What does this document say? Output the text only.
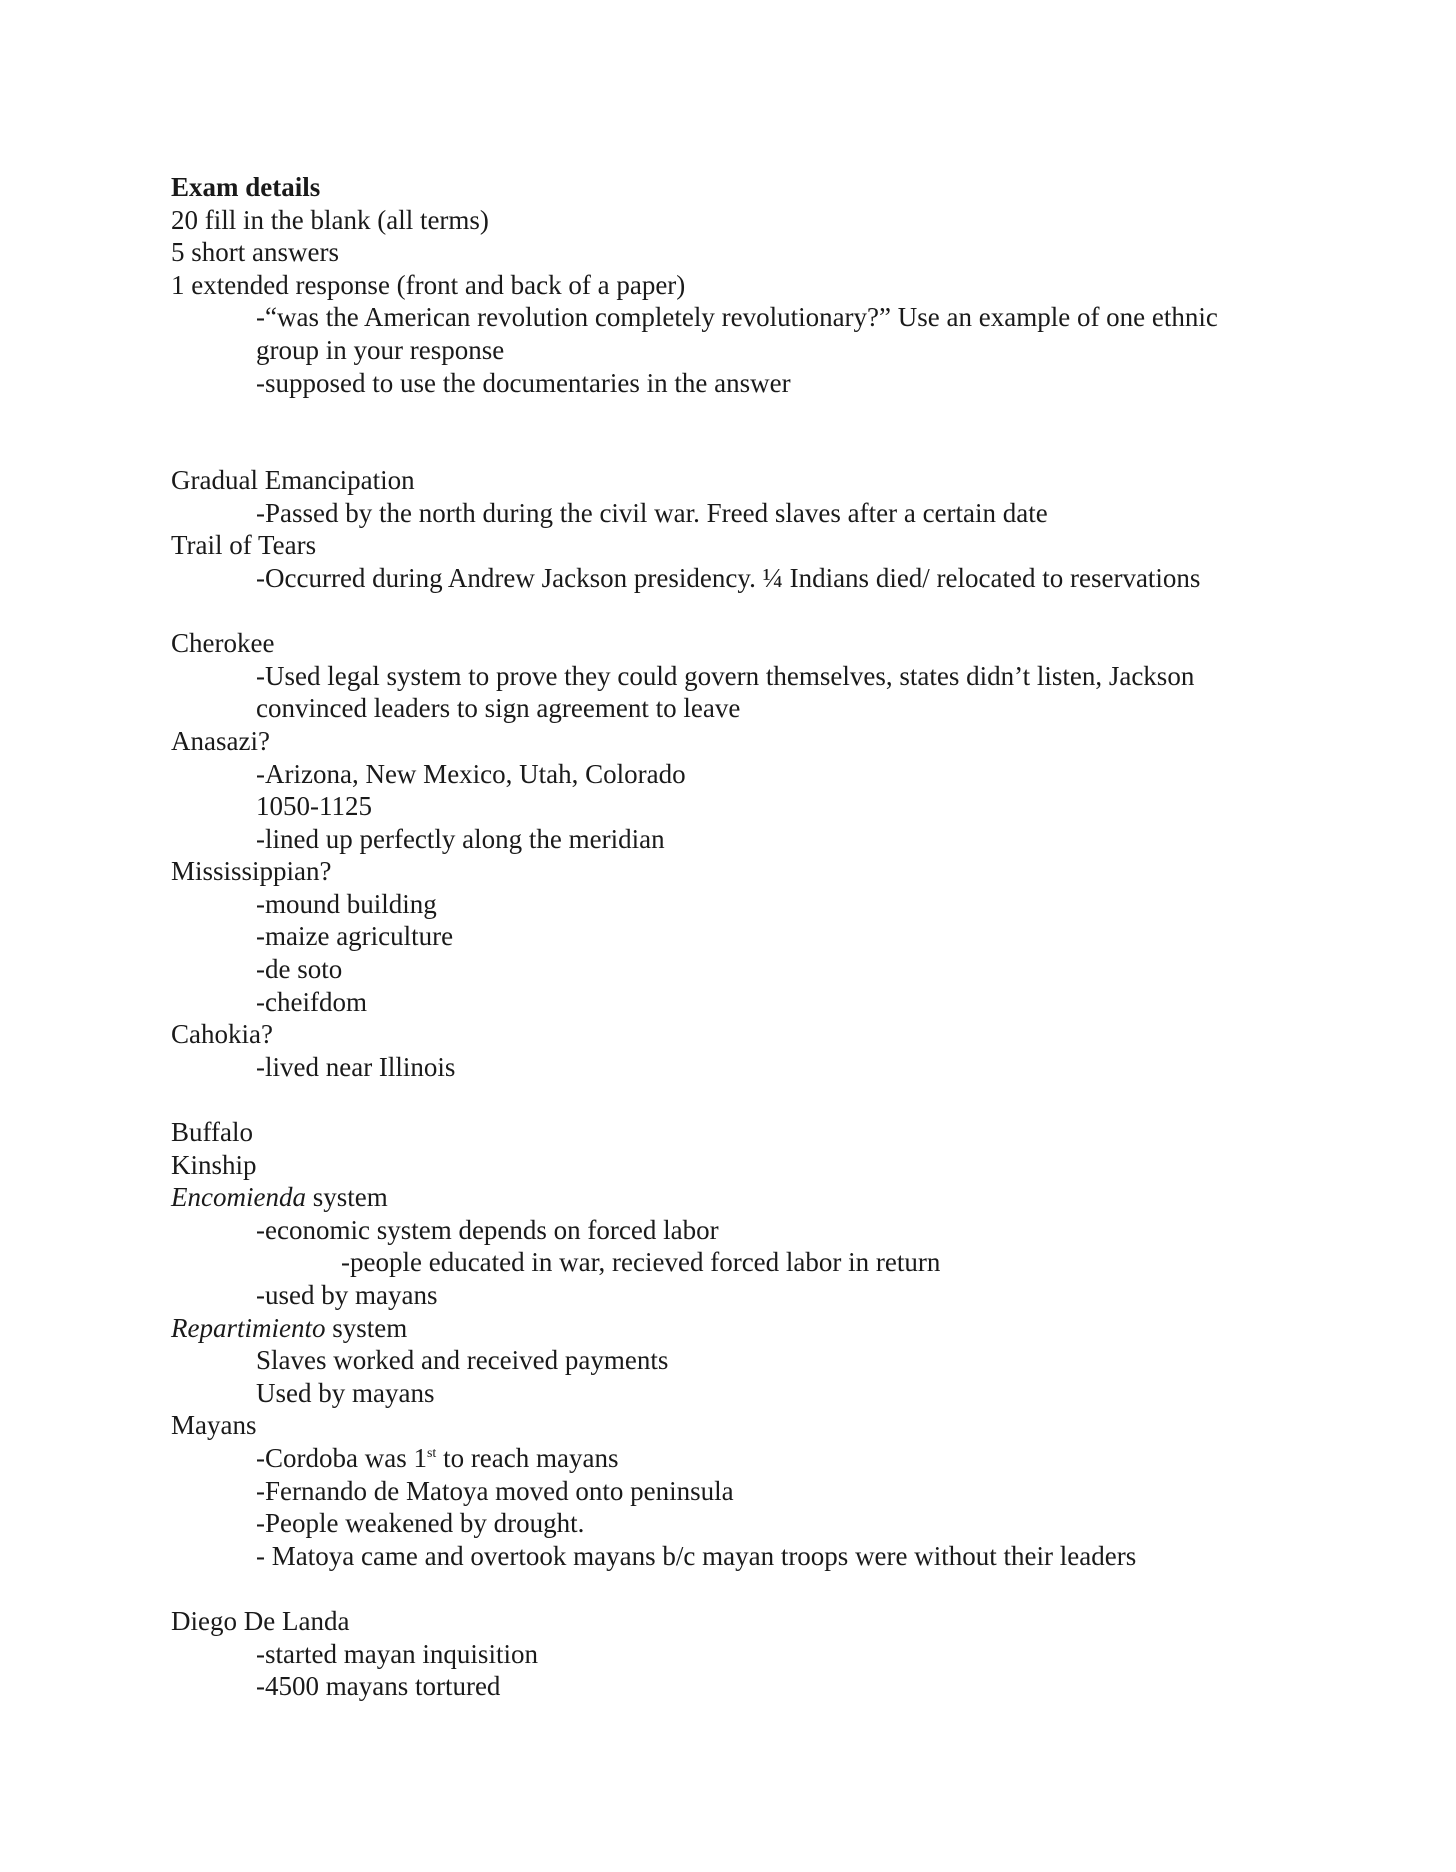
Exam details
20 fill in the blank (all terms)
5 short answers
1 extended response (front and back of a paper)
-“was the American revolution completely revolutionary?” Use an example of one ethnic
group in your response
-supposed to use the documentaries in the answer
Gradual Emancipation
-Passed by the north during the civil war. Freed slaves after a certain date
Trail of Tears
-Occurred during Andrew Jackson presidency. ¼ Indians died/ relocated to reservations
Cherokee
-Used legal system to prove they could govern themselves, states didn’t listen, Jackson
convinced leaders to sign agreement to leave
Anasazi?
-Arizona, New Mexico, Utah, Colorado
1050-1125
-lined up perfectly along the meridian
Mississippian?
-mound building
-maize agriculture
-de soto
-cheifdom
Cahokia?
-lived near Illinois
Buffalo
Kinship
Encomienda system
-economic system depends on forced labor
-people educated in war, recieved forced labor in return
-used by mayans
Repartimiento system
Slaves worked and received payments
Used by mayans
Mayans
-Cordoba was 1st to reach mayans
-Fernando de Matoya moved onto peninsula
-People weakened by drought.
- Matoya came and overtook mayans b/c mayan troops were without their leaders
Diego De Landa
-started mayan inquisition
-4500 mayans tortured
